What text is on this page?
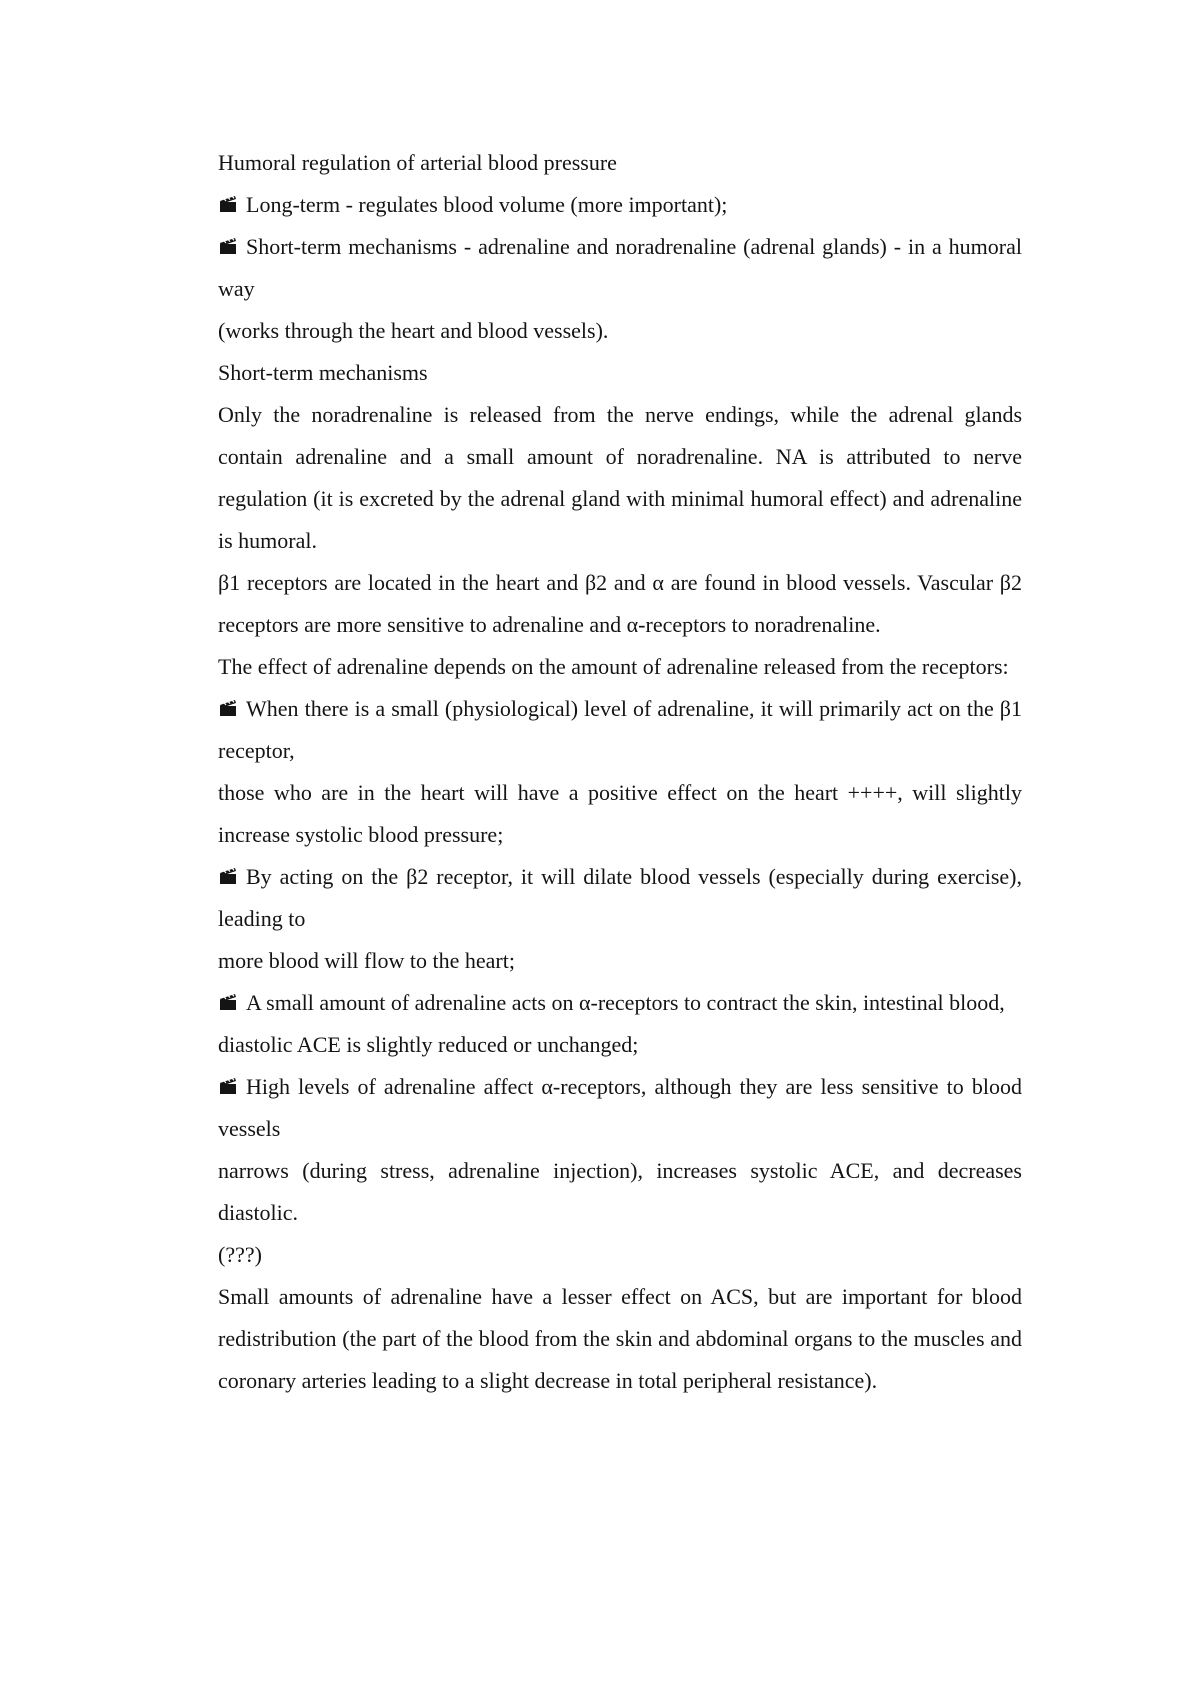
Humoral regulation of arterial blood pressure

Long-term - regulates blood volume (more important);

Short-term mechanisms - adrenaline and noradrenaline (adrenal glands) - in a humoral way

(works through the heart and blood vessels).

Short-term mechanisms

Only the noradrenaline is released from the nerve endings, while the adrenal glands contain adrenaline and a small amount of noradrenaline. NA is attributed to nerve regulation (it is excreted by the adrenal gland with minimal humoral effect) and adrenaline is humoral.

β1 receptors are located in the heart and β2 and α are found in blood vessels. Vascular β2 receptors are more sensitive to adrenaline and α-receptors to noradrenaline.

The effect of adrenaline depends on the amount of adrenaline released from the receptors:

When there is a small (physiological) level of adrenaline, it will primarily act on the β1 receptor,

those who are in the heart will have a positive effect on the heart ++++, will slightly increase systolic blood pressure;

By acting on the β2 receptor, it will dilate blood vessels (especially during exercise), leading to

more blood will flow to the heart;

A small amount of adrenaline acts on α-receptors to contract the skin, intestinal blood,

diastolic ACE is slightly reduced or unchanged;

High levels of adrenaline affect α-receptors, although they are less sensitive to blood vessels

narrows (during stress, adrenaline injection), increases systolic ACE, and decreases diastolic.

(???)

Small amounts of adrenaline have a lesser effect on ACS, but are important for blood redistribution (the part of the blood from the skin and abdominal organs to the muscles and coronary arteries leading to a slight decrease in total peripheral resistance).
